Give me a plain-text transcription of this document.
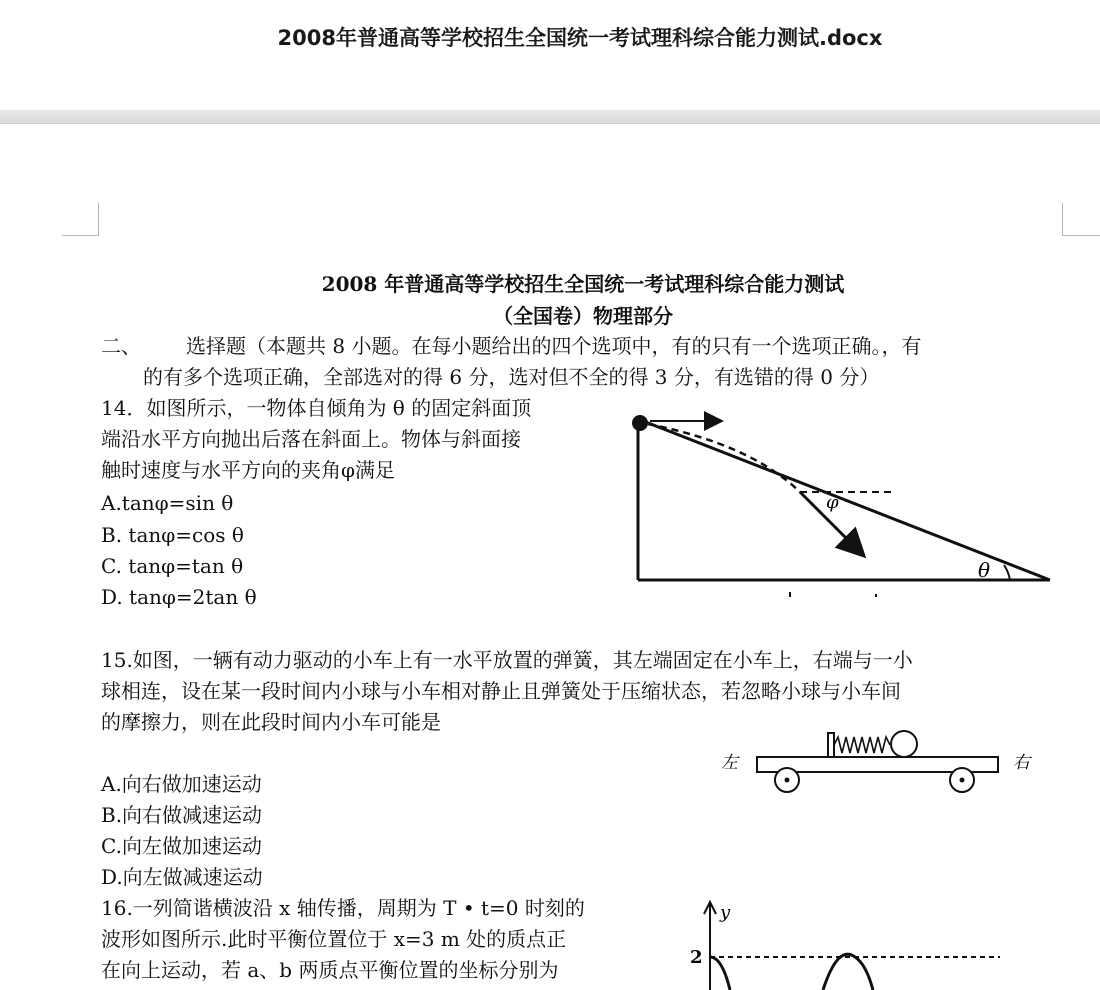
2008年普通高等学校招生全国统一考试理科综合能力测试.docx
2008 年普通高等学校招生全国统一考试理科综合能力测试
（全国卷）物理部分
二、 选择题（本题共 8 小题。在每小题给出的四个选项中，有的只有一个选项正确。，有
的有多个选项正确，全部选对的得 6 分，选对但不全的得 3 分，有选错的得 0 分）
14．如图所示，一物体自倾角为 θ 的固定斜面顶
端沿水平方向抛出后落在斜面上。物体与斜面接
触时速度与水平方向的夹角φ满足
A.tanφ=sin θ
B. tanφ=cos θ
C. tanφ=tan θ
D. tanφ=2tan θ
φ
θ
15.如图，一辆有动力驱动的小车上有一水平放置的弹簧，其左端固定在小车上，右端与一小
球相连，设在某一段时间内小球与小车相对静止且弹簧处于压缩状态，若忽略小球与小车间
的摩擦力，则在此段时间内小车可能是
A.向右做加速运动
B.向右做减速运动
C.向左做加速运动
D.向左做减速运动
左	右
16.一列简谐横波沿 x 轴传播，周期为 T • t=0 时刻的
波形如图所示.此时平衡位置位于 x=3 m 处的质点正
在向上运动，若 a、b 两质点平衡位置的坐标分别为
y
2
